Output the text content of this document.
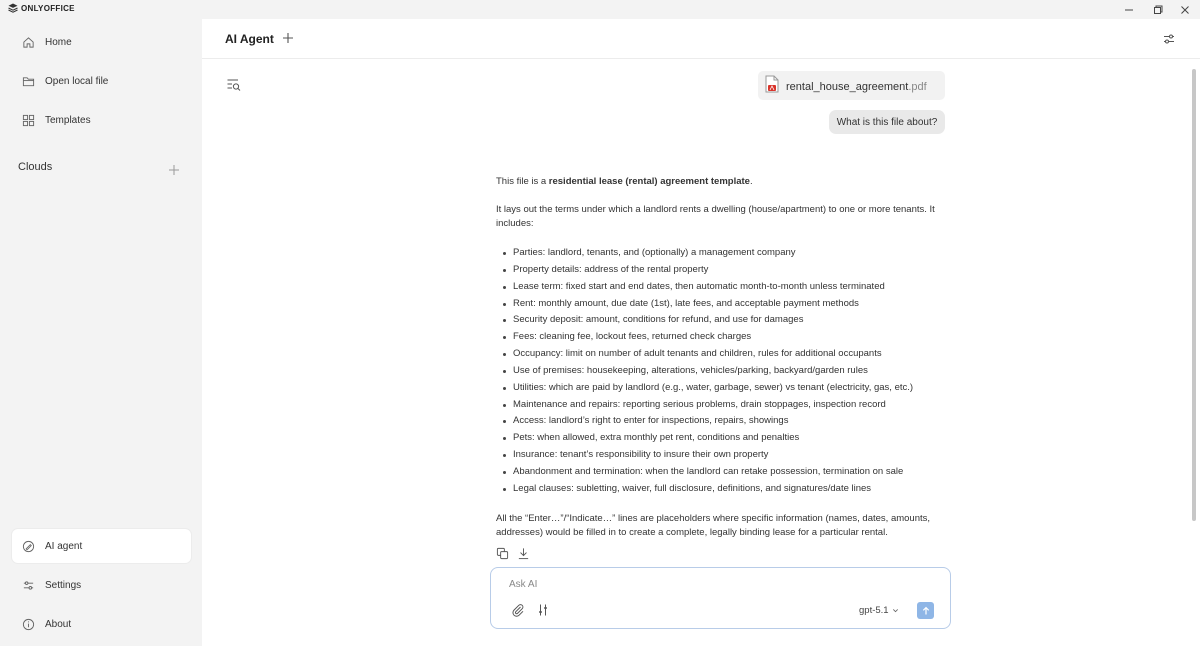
ONLYOFFICE
Home
Open local file
Templates
Clouds
AI agent
Settings
About
AI Agent
rental_house_agreement.pdf
What is this file about?

This file is a residential lease (rental) agreement template.

It lays out the terms under which a landlord rents a dwelling (house/apartment) to one or more tenants. It includes:

Parties: landlord, tenants, and (optionally) a management company
Property details: address of the rental property
Lease term: fixed start and end dates, then automatic month-to-month unless terminated
Rent: monthly amount, due date (1st), late fees, and acceptable payment methods
Security deposit: amount, conditions for refund, and use for damages
Fees: cleaning fee, lockout fees, returned check charges
Occupancy: limit on number of adult tenants and children, rules for additional occupants
Use of premises: housekeeping, alterations, vehicles/parking, backyard/garden rules
Utilities: which are paid by landlord (e.g., water, garbage, sewer) vs tenant (electricity, gas, etc.)
Maintenance and repairs: reporting serious problems, drain stoppages, inspection record
Access: landlord’s right to enter for inspections, repairs, showings
Pets: when allowed, extra monthly pet rent, conditions and penalties
Insurance: tenant’s responsibility to insure their own property
Abandonment and termination: when the landlord can retake possession, termination on sale
Legal clauses: subletting, waiver, full disclosure, definitions, and signatures/date lines

All the “Enter…”/“Indicate…” lines are placeholders where specific information (names, dates, amounts, addresses) would be filled in to create a complete, legally binding lease for a particular rental.

Ask AI
gpt-5.1
